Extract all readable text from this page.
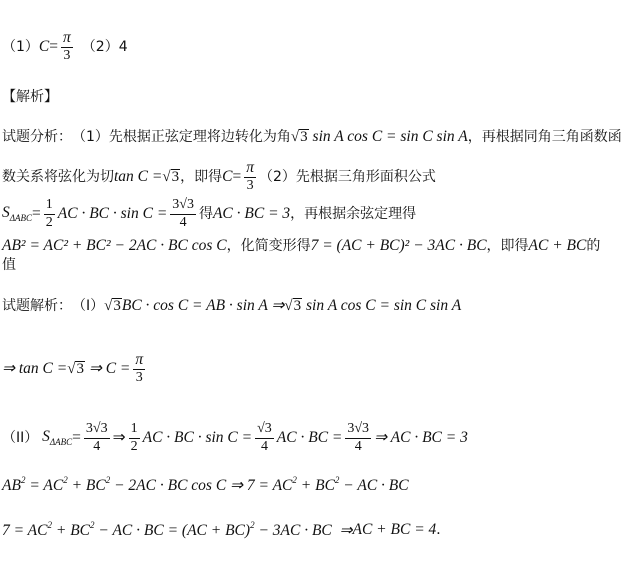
（1） $C = \frac{\pi}{3} (2)$ 4
【解析】
试题分析： （1）先根据正弦定理将边转化为角 √ 3 sin A cos C = sin C sin A ，再根据同角三角函数函
数关系将弦化为切 tan C = √ 3 ，即得 $C = \frac{\pi}{3} (2)$先根据三角形面积公式
$S_{\Delta ABC} = \frac{1}{2}$ AC · BC · $\sin C = \frac{3√3}{4}$ 得 AC · BC = 3 ，再根据余弦定理得
AB² = AC² + BC² − 2AC · BC cos C ，化简变形得 7 = (AC + BC)² − 3AC · BC ，即得 AC + BC 的
值
试题解析： （I） √ 3 BC · cos C = AB · sin A ⇒ √ 3 sin A cos C = sin C sin A
⇒ tan C = √ 3 ⇒ $C = \frac{\pi}{3}$
（II） $S_{\Delta ABC} = \frac{3√3}{4}$ ⇒ $\frac{1}{2}$ AC · BC · $\sin C = \frac{√3}{4}$ AC · BC = $\frac{3√3}{4}$ ⇒ AC · BC = 3
$AB^2 = AC^2 + BC^2 - 2AC$ · BC cos C ⇒ $7 = AC^2 + BC^2$ − AC · BC
$7 = AC^2 + BC^2$ − AC · BC = (AC + BC)$^2$ − 3AC · BC  ⇒ AC + BC = 4 ．
